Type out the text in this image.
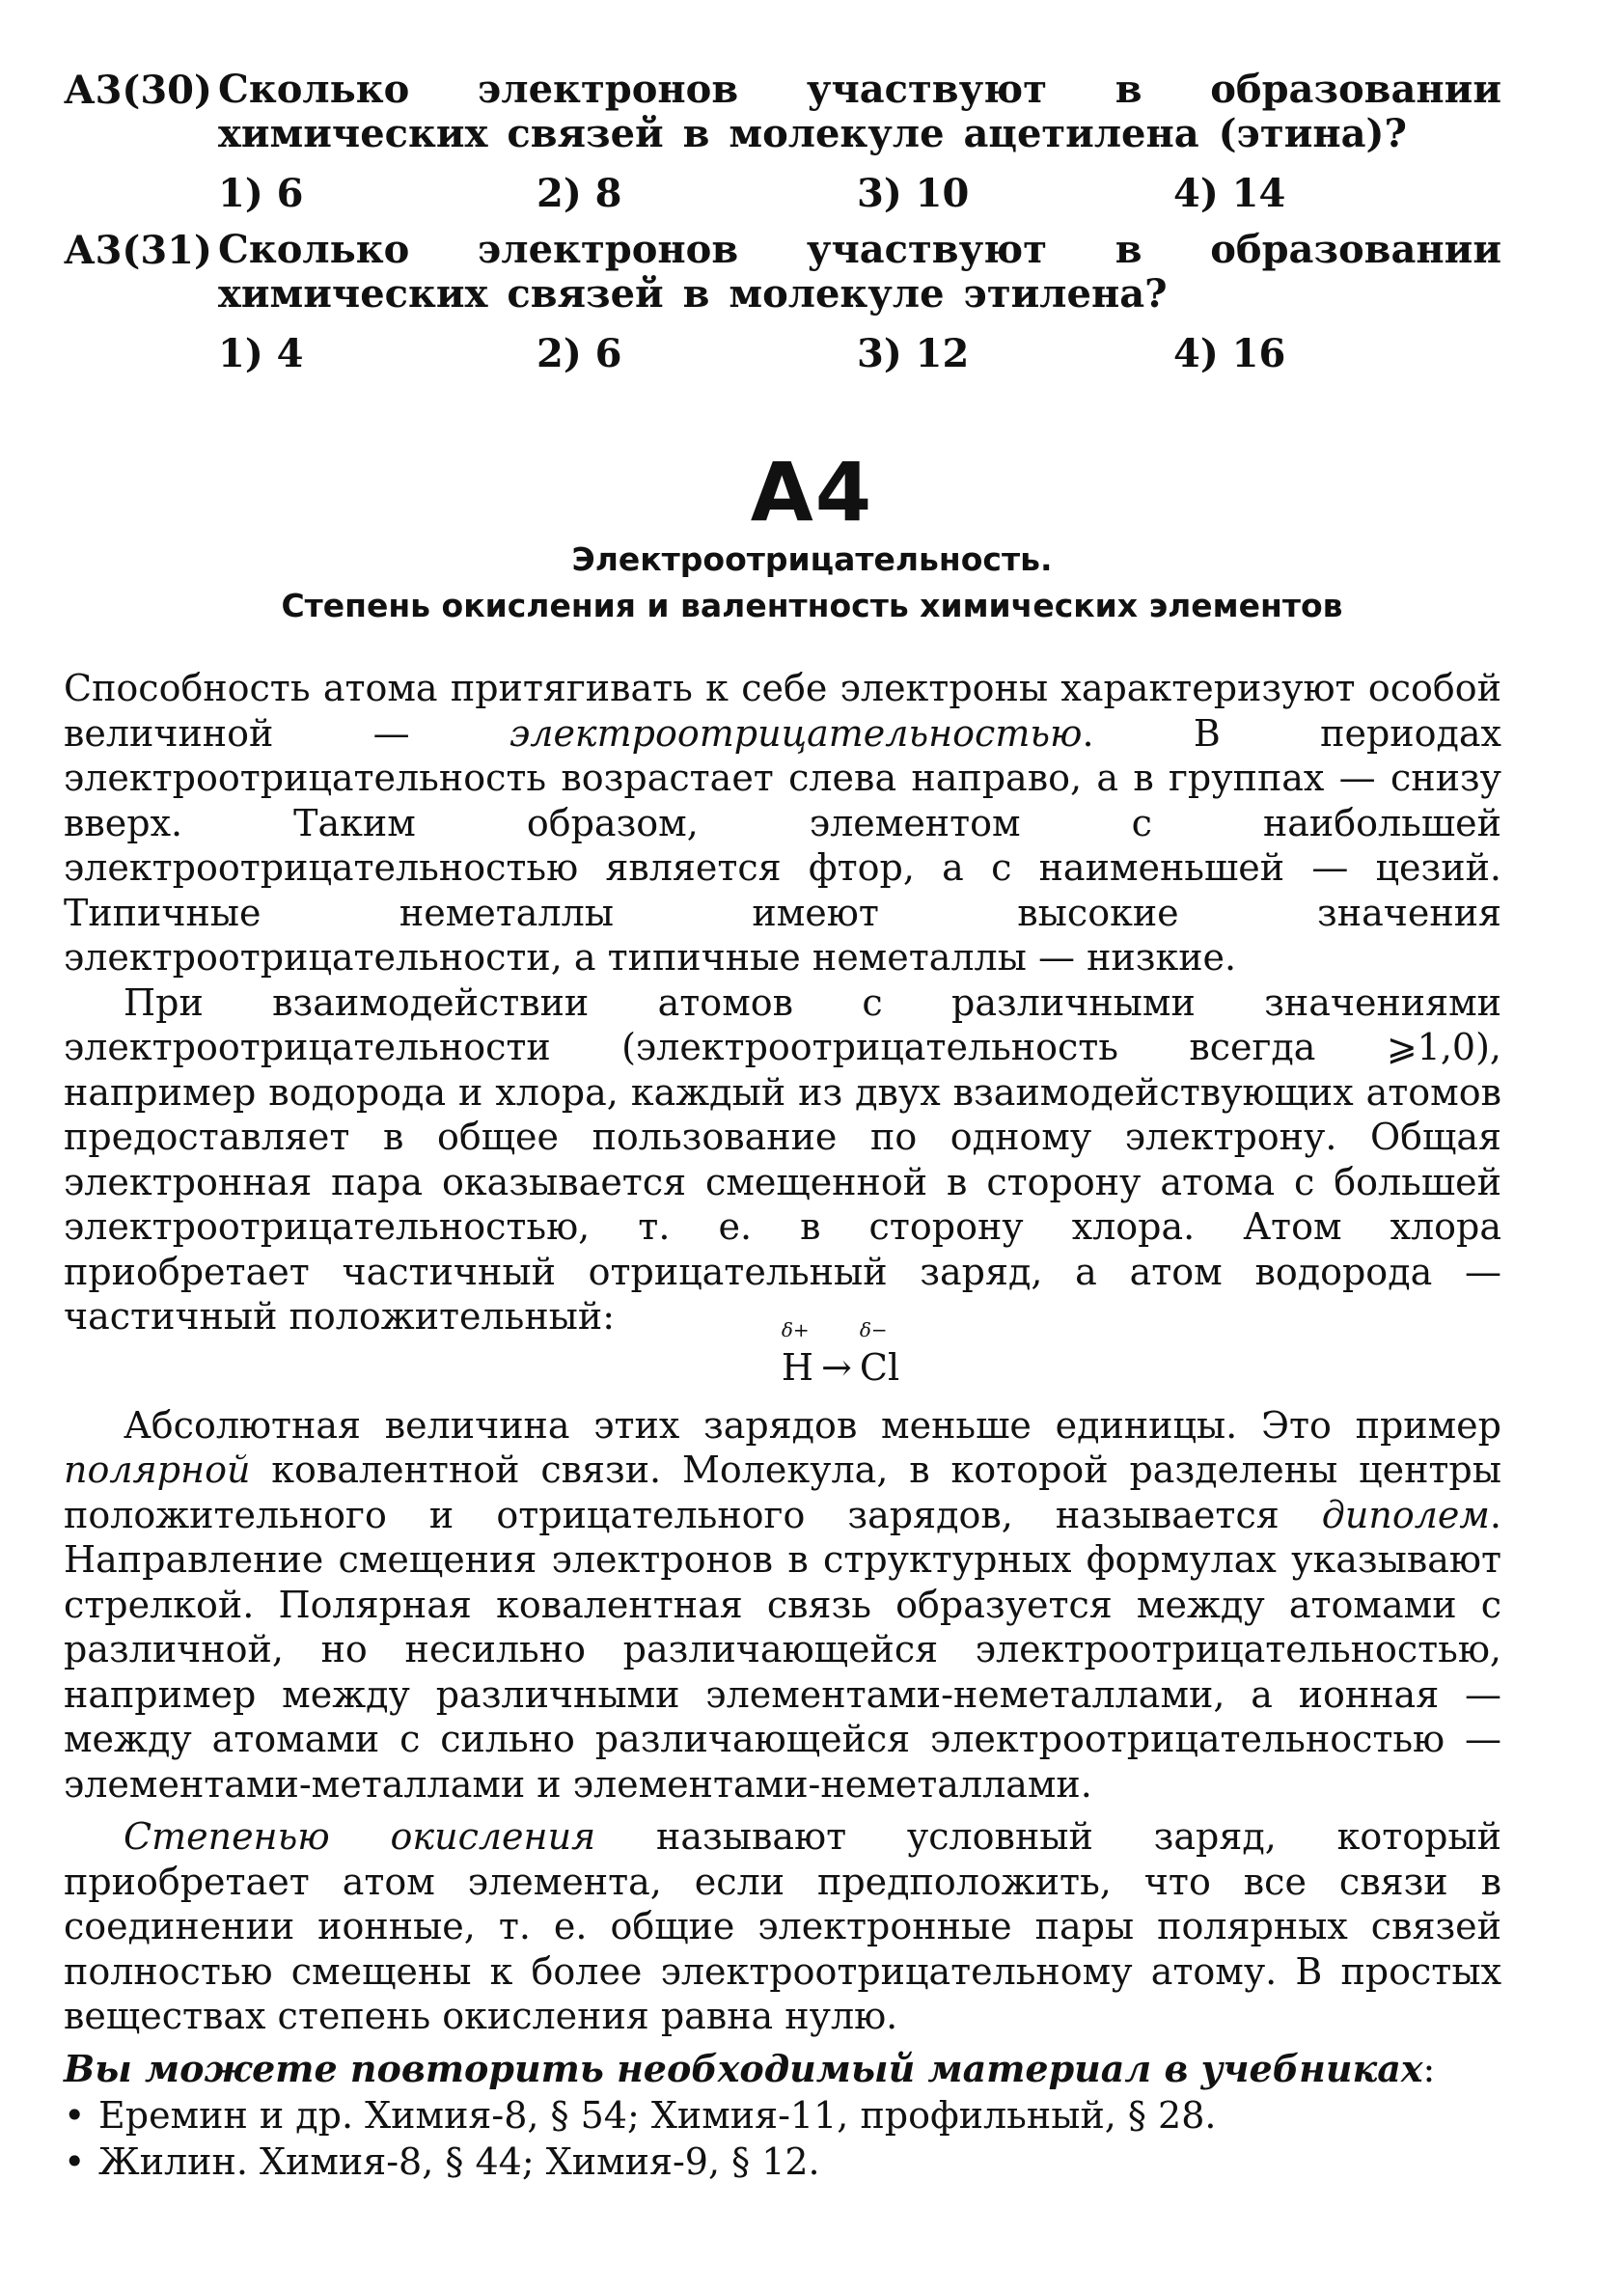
А3(30) Сколько электронов участвуют в образовании химических связей в молекуле ацетилена (этина)?
1) 6	2) 8	3) 10	4) 14
А3(31) Сколько электронов участвуют в образовании химических связей в молекуле этилена?
1) 4	2) 6	3) 12	4) 16
А4
Электроотрицательность.
Степень окисления и валентность химических элементов

Способность атома притягивать к себе электроны характеризуют особой величиной — электроотрицательностью. В периодах электроотрицательность возрастает слева направо, а в группах — снизу вверх. Таким образом, элементом с наибольшей электроотрицательностью является фтор, а с наименьшей — цезий. Типичные неметаллы имеют высокие значения электроотрицательности, а типичные неметаллы — низкие.

При взаимодействии атомов с различными значениями электроотрицательности (электроотрицательность всегда ⩾1,0), например водорода и хлора, каждый из двух взаимодействующих атомов предоставляет в общее пользование по одному электрону. Общая электронная пара оказывается смещенной в сторону атома с большей электроотрицательностью, т. е. в сторону хлора. Атом хлора приобретает частичный отрицательный заряд, а атом водорода — частичный положительный:	δ+
H →
δ−
Cl

Абсолютная величина этих зарядов меньше единицы. Это пример полярной ковалентной связи. Молекула, в которой разделены центры положительного и отрицательного зарядов, называется диполем. Направление смещения электронов в структурных формулах указывают стрелкой. Полярная ковалентная связь образуется между атомами с различной, но несильно различающейся электроотрицательностью, например между различными элементами-неметаллами, а ионная — между атомами с сильно различающейся электроотрицательностью — элементами-металлами и элементами-неметаллами.

Степенью окисления называют условный заряд, который приобретает атом элемента, если предположить, что все связи в соединении ионные, т. е. общие электронные пары полярных связей полностью смещены к более электроотрицательному атому. В простых веществах степень окисления равна нулю.

Вы можете повторить необходимый материал в учебниках:

• Еремин и др. Химия-8, § 54; Химия-11, профильный, § 28.
• Жилин. Химия-8, § 44; Химия-9, § 12.
